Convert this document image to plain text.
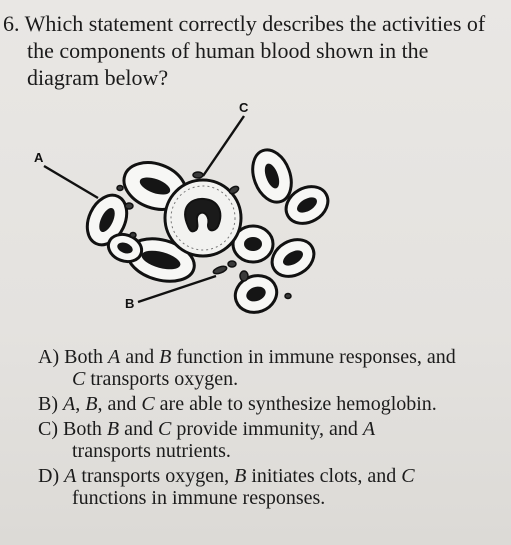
6. Which statement correctly describes the activities of
the components of human blood shown in the
diagram below?
C
A
B
A) Both A and B function in immune responses, and
C transports oxygen.
B) A, B, and C are able to synthesize hemoglobin.
C) Both B and C provide immunity, and A
transports nutrients.
D) A transports oxygen, B initiates clots, and C
functions in immune responses.
